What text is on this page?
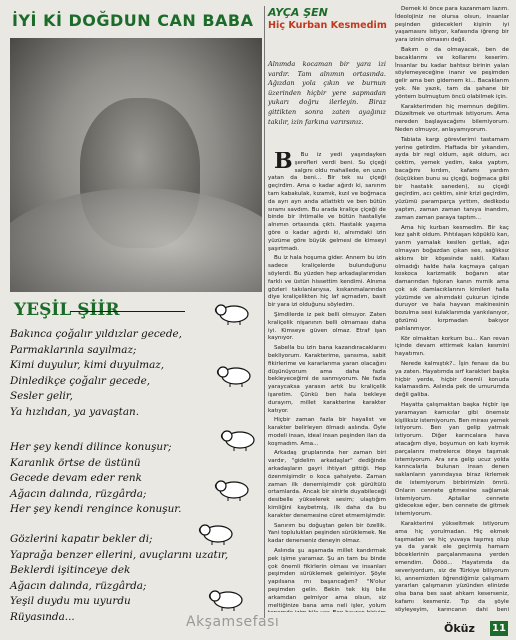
İYİ Kİ DOĞDUN CAN BABA
YEŞİL ŞİİR
Bakınca çoğalır yıldızlar gecede,
Parmaklarınla sayılmaz;
Kimi duyulur, kimi duyulmaz,
Dinledikçe çoğalır gecede,
Sesler gelir,
Ya hızlıdan, ya yavaştan.
Her şey kendi dilince konuşur;
Karanlık örtse de üstünü
Gecede devam eder renk
Ağacın dalında, rüzgârda;
Her şey kendi rengince konuşur.
Gözlerini kapatır bekler di;
Yaprağa benzer ellerini, avuçlarını uzatır,
Beklerdi işitinceye dek
Ağacın dalında, rüzgârda;
Yeşil duydu mu uyurdu
Rüyasında...
AYÇA ŞEN
Hiç Kurban Kesmedim
Alnımda kocaman bir yara izi vardır. Tam alnımın ortasında. Ağızdan yola çıkın ve burnun üzerinden hiçbir yere sapmadan yukarı doğru ilerleyin. Biraz gittikten sonra zaten ayağınız takılır, izin farkına varırsınız.

B Bu iz yedi yaşındayken şerefleri verdi beni. Su çiçeği salgını oldu mahallede, en uzun yatan da beni... Bir tek su çiçeği geçirdim. Ama o kadar ağırdı ki, sanırım tam kabakulak, kızamık, kızıl ve boğmaca da ayrı ayrı anda atlattıktı ve ben bütün sıramı savdım. Bu arada kraliçe çiçeği de binde bir ihtimalle ve bütün hastaliyle alnımın ortasında çıktı. Hastalık yaşıma göre o kadar ağırdı ki, alnımdaki izin yüzüme göre büyük gelmesi de kimseyi şaşırtmadı.

Bu iz hala hoşuma gider. Annem bu izin sadece kraliçelerde bulunduğunu söylerdi. Bu yüzden hep arkadaşlarımdan farklı ve üstün hissettim kendimi. Alnıma gözleri takılanlarıysa, kıskanmalarından diye kraliçelikten hiç laf açmadım, basit bir yara izi olduğunu söyledim.

Şimdilerde iz pek belli olmuyor. Zaten kraliçelik nişanının belli olmaması daha iyi. Kimseye güven olmaz. Etraf işan kaynıyor.

Sabella bu izin bana kazandıracaklarını bekliyorum. Karakterime, şansıma, sabit fikirlerime ve kararlarıma yaran olacağını düşünüyorum ama daha fazla bekleyeceğimi de sanmıyorum. Ne fazla yaraycaksa yarasın artık bu kraliçelik işaretim. Çünkü ben hala bekleye durayım, millet karakterine karakter katıyor.

Hiçbir zaman fazla bir hayalist ve karakter belirleyen ölmadı aslında. Öyle modeli insan, ideal insan peşinden ilan da koşmadım. Ama...

Arkadaş gruplarında her zaman biri vardır, "gidelim arkadaşlar" dediğinde arkadaşların gayri ihtiyari gittiği. Hep özenmişimdir o koca şahsiyete. Zaman zaman ilk denemişimdir çok gürültülü ortamlarda. Ancak bir sinirle duyabileceği desibelle yükselerek sesim; ulaştığım kimliğini kaybetmiş, ilk daha da bu karakter denemesine cüret etmemişimdir.

Sanırım bu doğuştan gelen bir özellik. Yani topluluklan peşinden sürüklemek. Ne kadar denerseniz deneyin olmaz.

Aslında şu aşamada millet kandırmak pek işime yaramaz. Şu an tam bu binde çok önemli fikirlerin olması ve insanları peşimden sürüklemek geleiniyor. Şöyle yapılsana mı başarıcağım? "N'olur peşimden gelin. Bekin tek kiş bile arkamdan gelmiyor ama olsun, siz meltiğinize bana ama neli işler, yolum

Demek ki önce para kazanmam lazım. İdeolojiniz ne olursa olsun, insanlar peşinden gidecekleri kişinin iyi yaşamasını istiyor, kafasında iğreng bir yara izinin olmasını değil.

Bakım o da olmayacak, ben de bacaklarımı ve kollarımı keserim. İnsanlar bu kadar bahtsız birinin yalan söylemeyeceğine inanır ve peşimden gelir ama ben gidemem ki... Bacaklarım yok. Ne yazık, tam da şahane bir yöntem bulmuştum öncü olabilmek için.

Karakterimden hiç memnun değilim. Düzeltmek ve oturtmak istiyorum. Ama nereden başlayacağımı bilemiyorum. Neden olmuyor, anlayamıyorum.

Tabiata kargı görevlerimi tastamam yerine getirdim. Haftada bir yıkandım, ayda bir regl oldum, aşık oldum, acı çektim, yemek yedim, kaka yaptım, bacağımı kırdım, kafamı yardım (küçükken bunu su çiçeği, boğmaca gibi bir hastalık saneden), su çiçeği geçirdim, acı çektim, sinir krizi geçirdim, yüzümü paramparça yırttım, dedikodu yaptım, zaman zaman tanıya inandım, zaman zaman paraya taptım...

Ama hiç kurban kesmedim. Bir kaç kez şahit oldum. Pıhtılaşan köpüklü kan, yarım yamalak kesilen gırtlak, ağzı olmayan boğazdan çıkan ses, sağlıksız akkımı bir köşesinde sakli. Kafası olmadığı halde hala kaçmaya çalışan koskoca karizmatik boğanın atar damarından fışkıran kanın mırnik ama çok sık damlacıklarının kimileri halla yüzümde ve alnımdaki çukurun içinde duruyor ve hala hayvan makinesinin bozulma sesi kulaklarımda yankılanıyor, gözümü kırpmadan bakıyor pahlanmıyor.

Kör olmaktan korkum bu... Kan revan içinde devam ettirmek kalan kesmini hayatımın.

Nerede kalmıştık?.. İşin fenası da bu ya zaten. Hayatımda sırf karakteri başka hiçbir yerde, hiçbir önemli konuda kalamasdım. Aslında pek de umurumda değil galiba.

Hayatta çalışmaktan başka hiçbir işe yaramayan kamıcılar gibi önemsiz kişiliksiz istemiyorum. Ben mirası yemek istiyorum. Ben yan gelip yatmak istiyorum. Diğer karıncalara hava atacağım diye, boyumun on katı kıymık parçalarını metrelerce öteye taşımak istemiyorum. Ara sıra gelip ucuz yolda karıncalarla bulunan insan denen saklanların yanındaysa biraz ikrlemek de istemiyorum birbirimizin ömrü. Onların cennete gitmesine sağlamak istemiyorum. Aptallar cennete gidecekse eğer, ben cennete de gitmek istemiyorum.

Karakterimi yükseltmek istiyorum ama hiç yorulmadan. Hiç ekmek taşımadan ve hiç yuvaya taşımış olup ya da yarak ele geçirmiş hamam böceklerinin parçalanmasına yerden emendim. Öööö... Hayatımda da severiyordum, siz de Türkiye biliyorum ki, annemizden öğrendiğimiz çalışmam yararları çalışmanın yüzünden elinizde olsa bana bes saat ahkam keserseniz, kafamı kesmeniz. Tıp da şöyle söyleyeyim, karıncanın dahi beni

Akşamsefası	Öküz 11
